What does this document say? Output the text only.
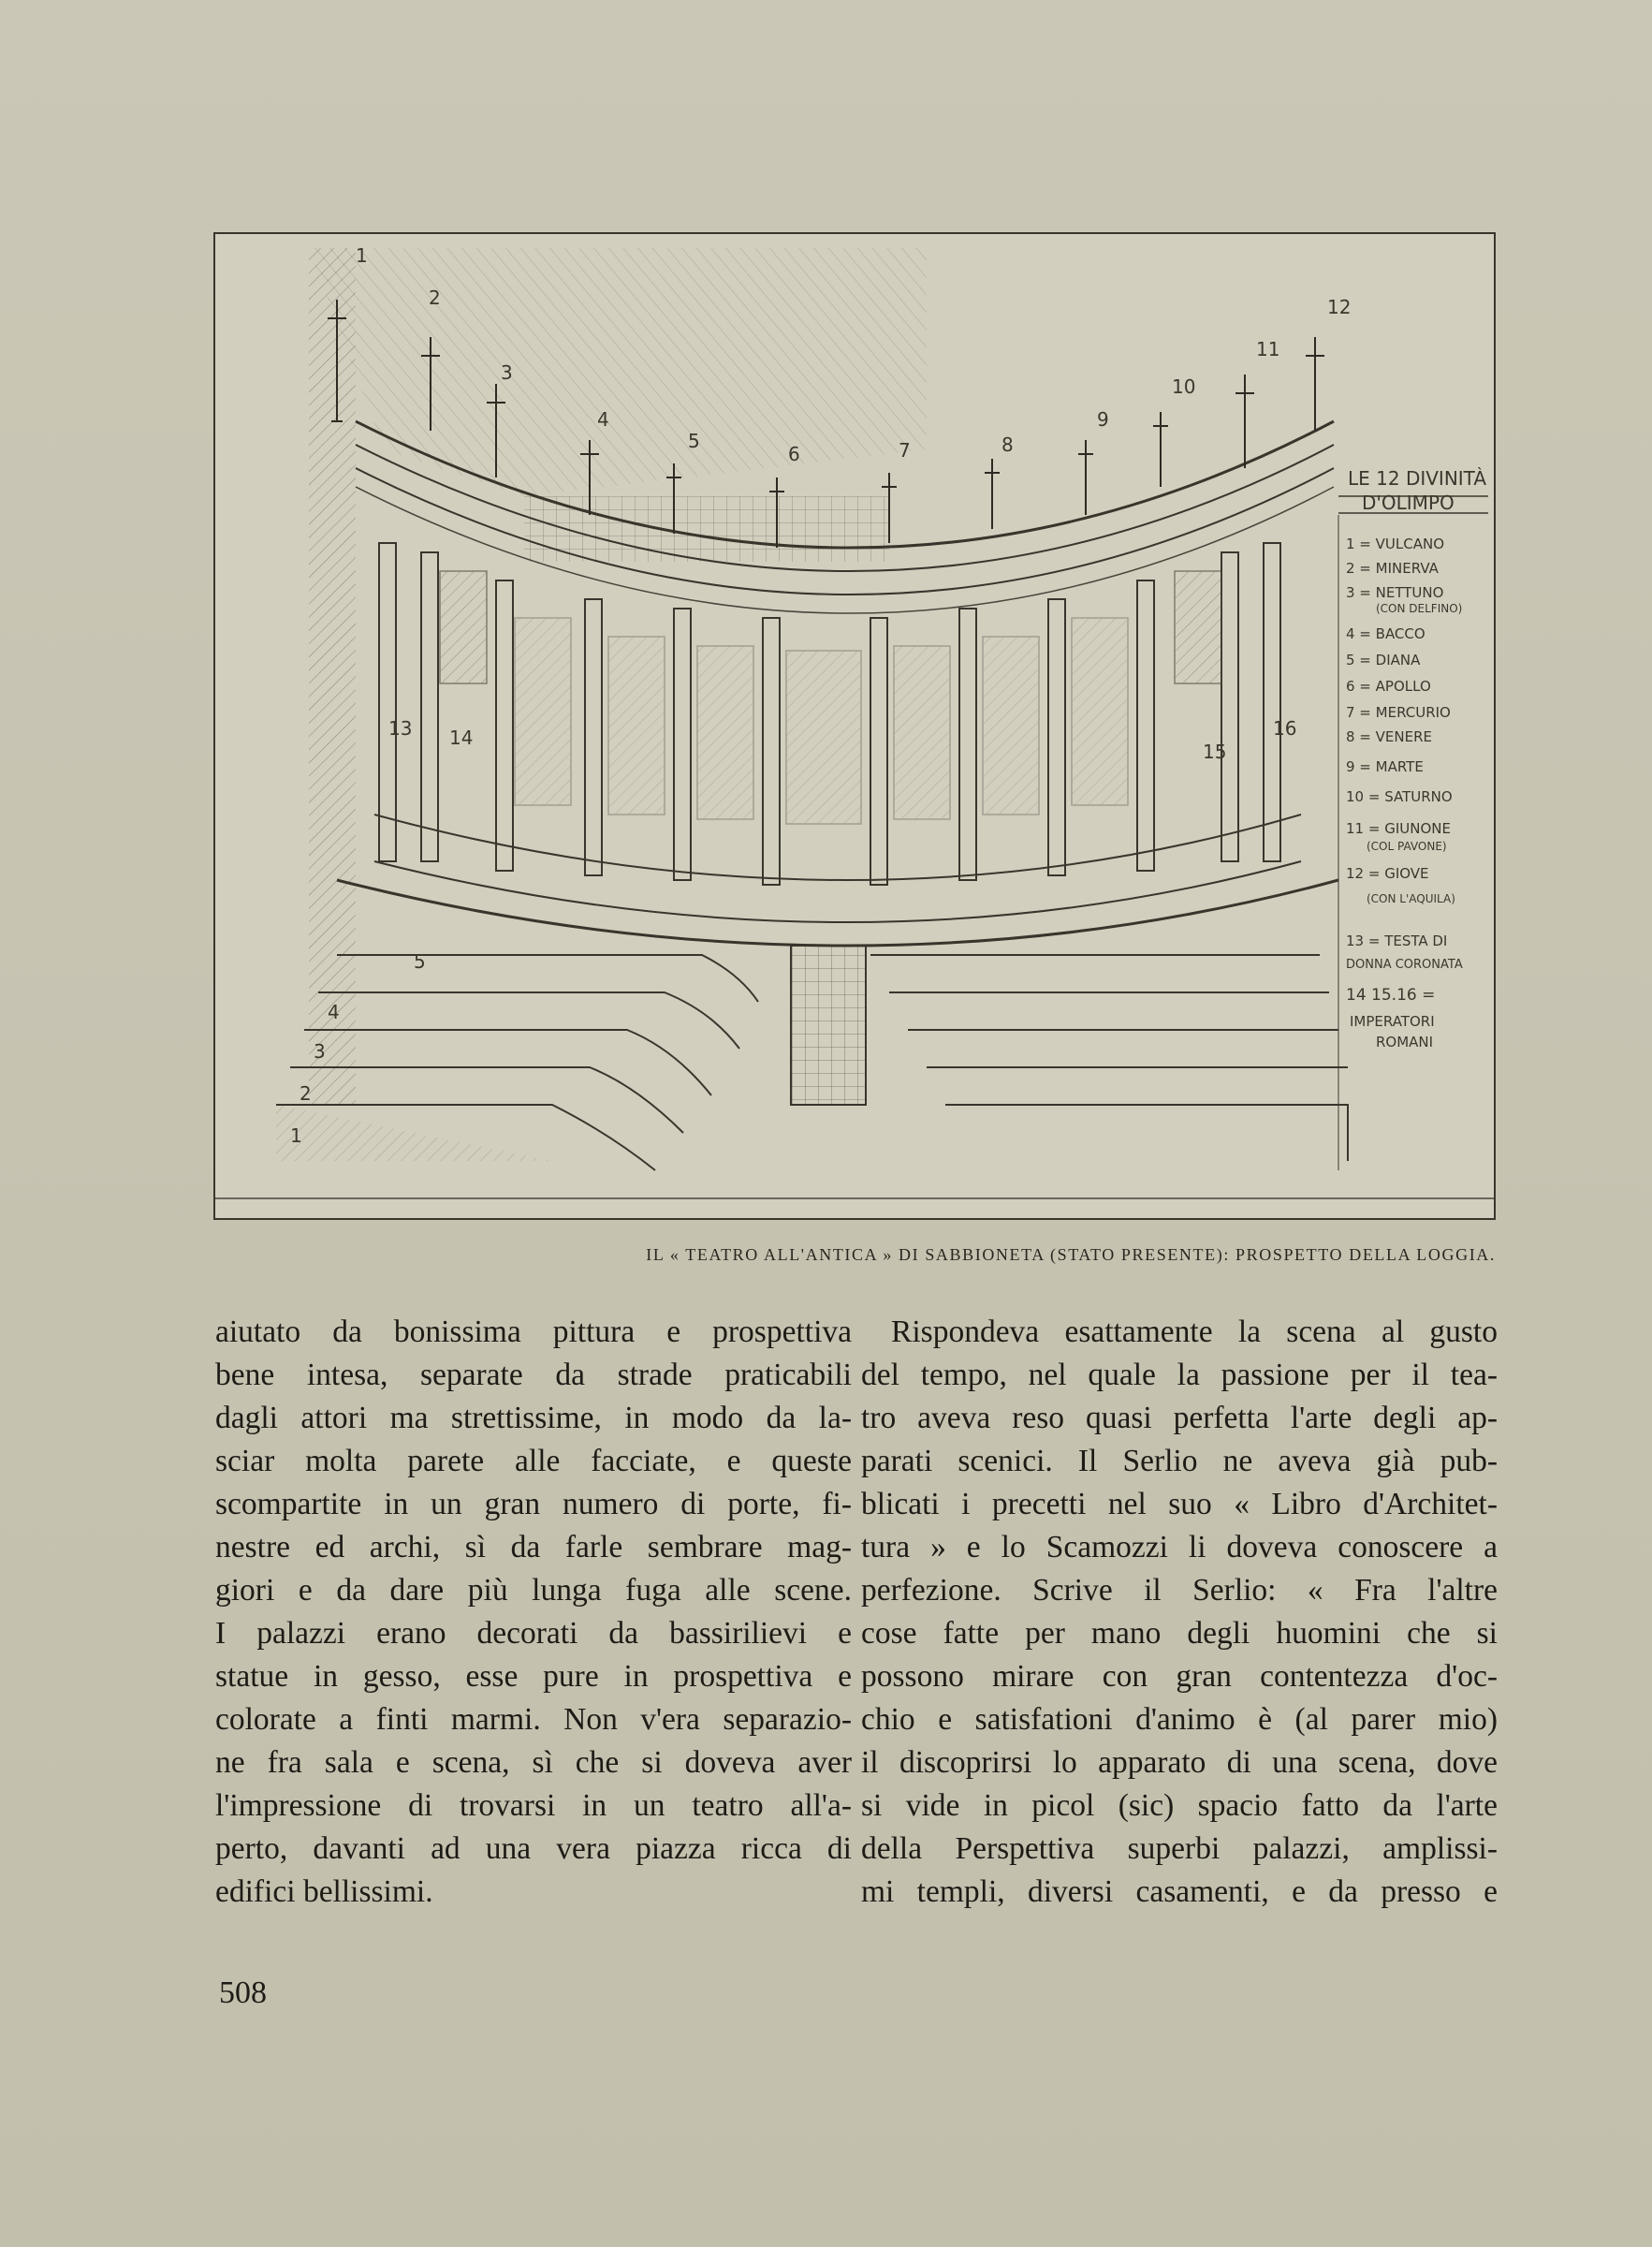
1
2
3
4
5
6	7	8
9
10
11
12
13 14
15
16
1
2
3
4
5
LE 12 DIVINITÀ
D'OLIMPO
1 = VULCANO
2 = MINERVA
3 = NETTUNO
(CON DELFINO)
4 = BACCO
5 = DIANA
6 = APOLLO
7 = MERCURIO
8 = VENERE
9 = MARTE
10 = SATURNO
11 = GIUNONE
(COL PAVONE)
12 = GIOVE
(CON L'AQUILA)
13 = TESTA DI
DONNA CORONATA
14 15.16 =
IMPERATORI
ROMANI
IL « TEATRO ALL'ANTICA » DI SABBIONETA (STATO PRESENTE): PROSPETTO DELLA LOGGIA.
aiutato da bonissima pittura e prospettiva
bene intesa, separate da strade praticabili
dagli attori ma strettissime, in modo da la-
sciar molta parete alle facciate, e queste
scompartite in un gran numero di porte, fi-
nestre ed archi, sì da farle sembrare mag-
giori e da dare più lunga fuga alle scene.
I palazzi erano decorati da bassirilievi e
statue in gesso, esse pure in prospettiva e
colorate a finti marmi. Non v'era separazio-
ne fra sala e scena, sì che si doveva aver
l'impressione di trovarsi in un teatro all'a-
perto, davanti ad una vera piazza ricca di
edifici bellissimi.
Rispondeva esattamente la scena al gusto
del tempo, nel quale la passione per il tea-
tro aveva reso quasi perfetta l'arte degli ap-
parati scenici. Il Serlio ne aveva già pub-
blicati i precetti nel suo « Libro d'Architet-
tura » e lo Scamozzi li doveva conoscere a
perfezione. Scrive il Serlio: « Fra l'altre
cose fatte per mano degli huomini che si
possono mirare con gran contentezza d'oc-
chio e satisfationi d'animo è (al parer mio)
il discoprirsi lo apparato di una scena, dove
si vide in picol (sic) spacio fatto da l'arte
della Perspettiva superbi palazzi, amplissi-
mi templi, diversi casamenti, e da presso e
508
